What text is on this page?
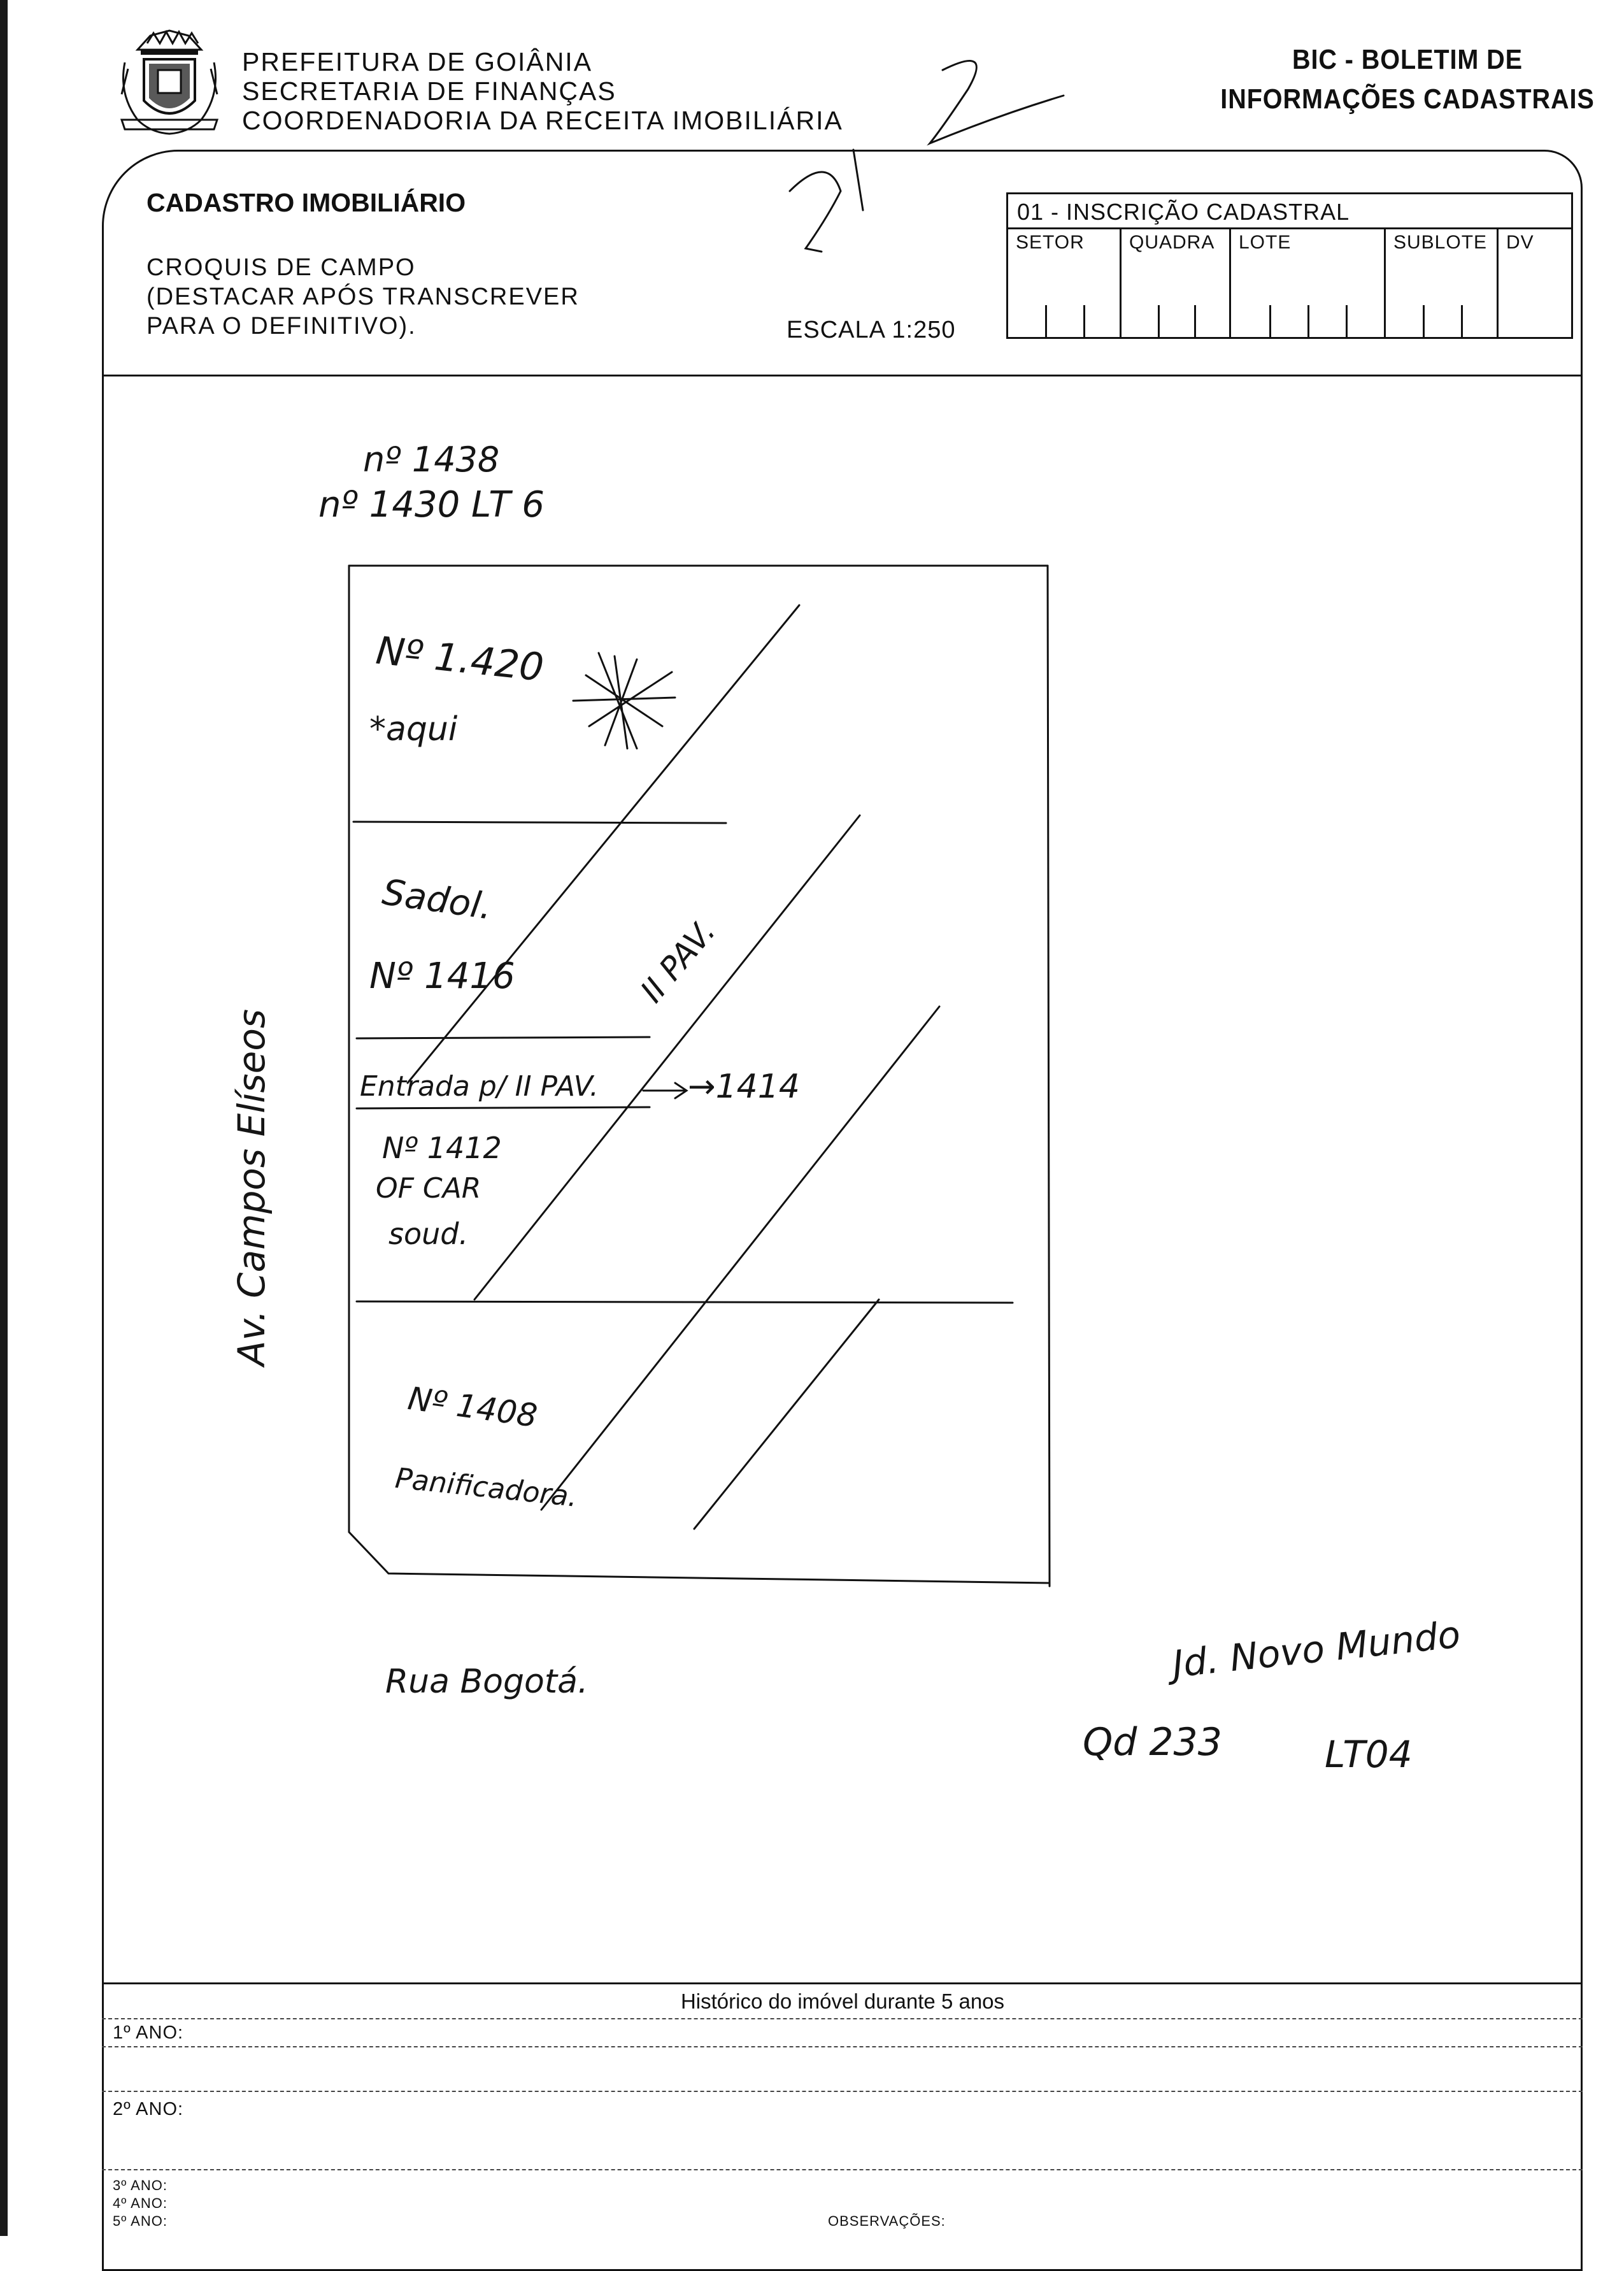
PREFEITURA DE GOIÂNIA
SECRETARIA DE FINANÇAS
COORDENADORIA DA RECEITA IMOBILIÁRIA
BIC - BOLETIM DE
INFORMAÇÕES CADASTRAIS
CADASTRO IMOBILIÁRIO
CROQUIS DE CAMPO
(DESTACAR APÓS TRANSCREVER
PARA O DEFINITIVO).	ESCALA 1:250
01 - INSCRIÇÃO CADASTRAL
SETOR	QUADRA	LOTE	SUBLOTE DV
nº 1438
nº 1430 LT 6
Nº 1.420
*aqui
Sadol.
Nº 1416	II PAV.
Entrada p/ II PAV.	→1414
Nº 1412
OF CAR
soud.
Nº 1408
Panificadora.
Av. Campos Elíseos
Rua Bogotá.	Jd. Novo Mundo
Qd 233	LT04
Histórico do imóvel durante 5 anos
1º ANO:
2º ANO:
3º ANO:
4º ANO:
5º ANO:	OBSERVAÇÕES:
